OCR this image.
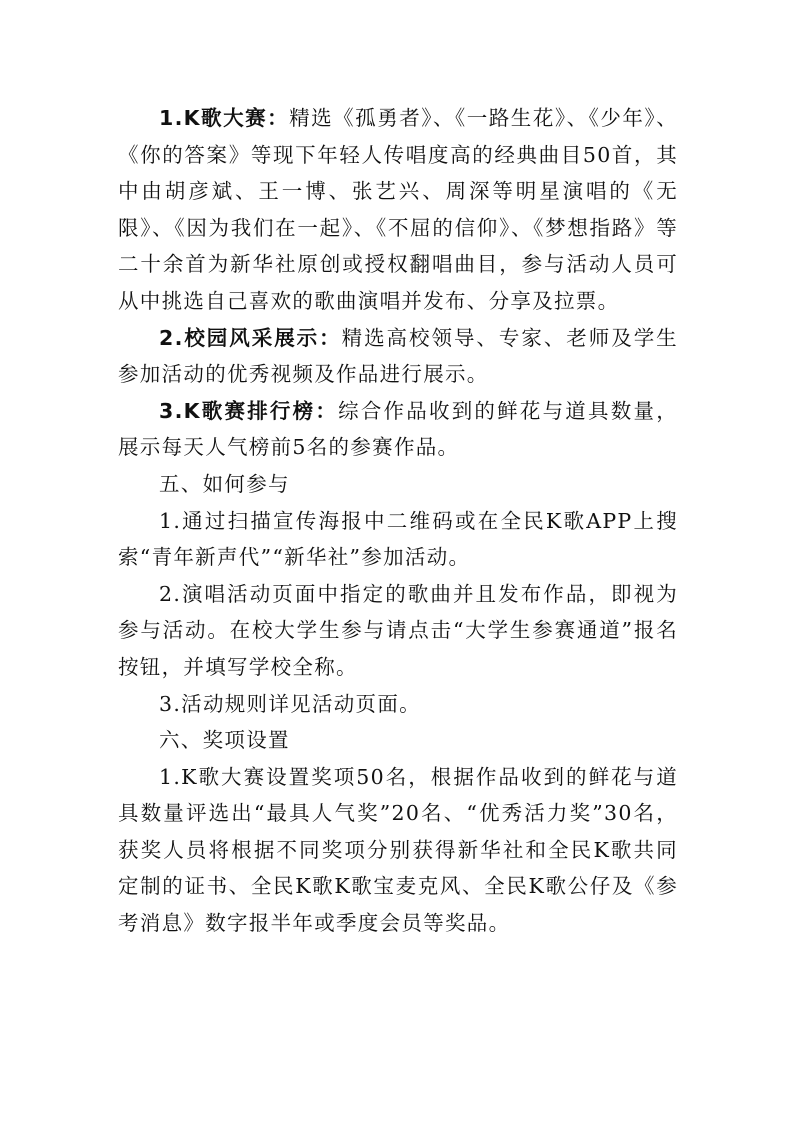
1.K歌大赛：精选《孤勇者》、《一路生花》、《少年》、《你的答案》等现下年轻人传唱度高的经典曲目50首，其中由胡彦斌、王一博、张艺兴、周深等明星演唱的《无限》、《因为我们在一起》、《不屈的信仰》、《梦想指路》等二十余首为新华社原创或授权翻唱曲目，参与活动人员可从中挑选自己喜欢的歌曲演唱并发布、分享及拉票。

2.校园风采展示：精选高校领导、专家、老师及学生参加活动的优秀视频及作品进行展示。

3.K歌赛排行榜：综合作品收到的鲜花与道具数量，展示每天人气榜前5名的参赛作品。

五、如何参与

1.通过扫描宣传海报中二维码或在全民K歌APP上搜索“青年新声代”“新华社”参加活动。

2.演唱活动页面中指定的歌曲并且发布作品，即视为参与活动。在校大学生参与请点击“大学生参赛通道”报名按钮，并填写学校全称。

3.活动规则详见活动页面。

六、奖项设置

1.K歌大赛设置奖项50名，根据作品收到的鲜花与道具数量评选出“最具人气奖”20名、“优秀活力奖”30名，获奖人员将根据不同奖项分别获得新华社和全民K歌共同定制的证书、全民K歌K歌宝麦克风、全民K歌公仔及《参考消息》数字报半年或季度会员等奖品。
